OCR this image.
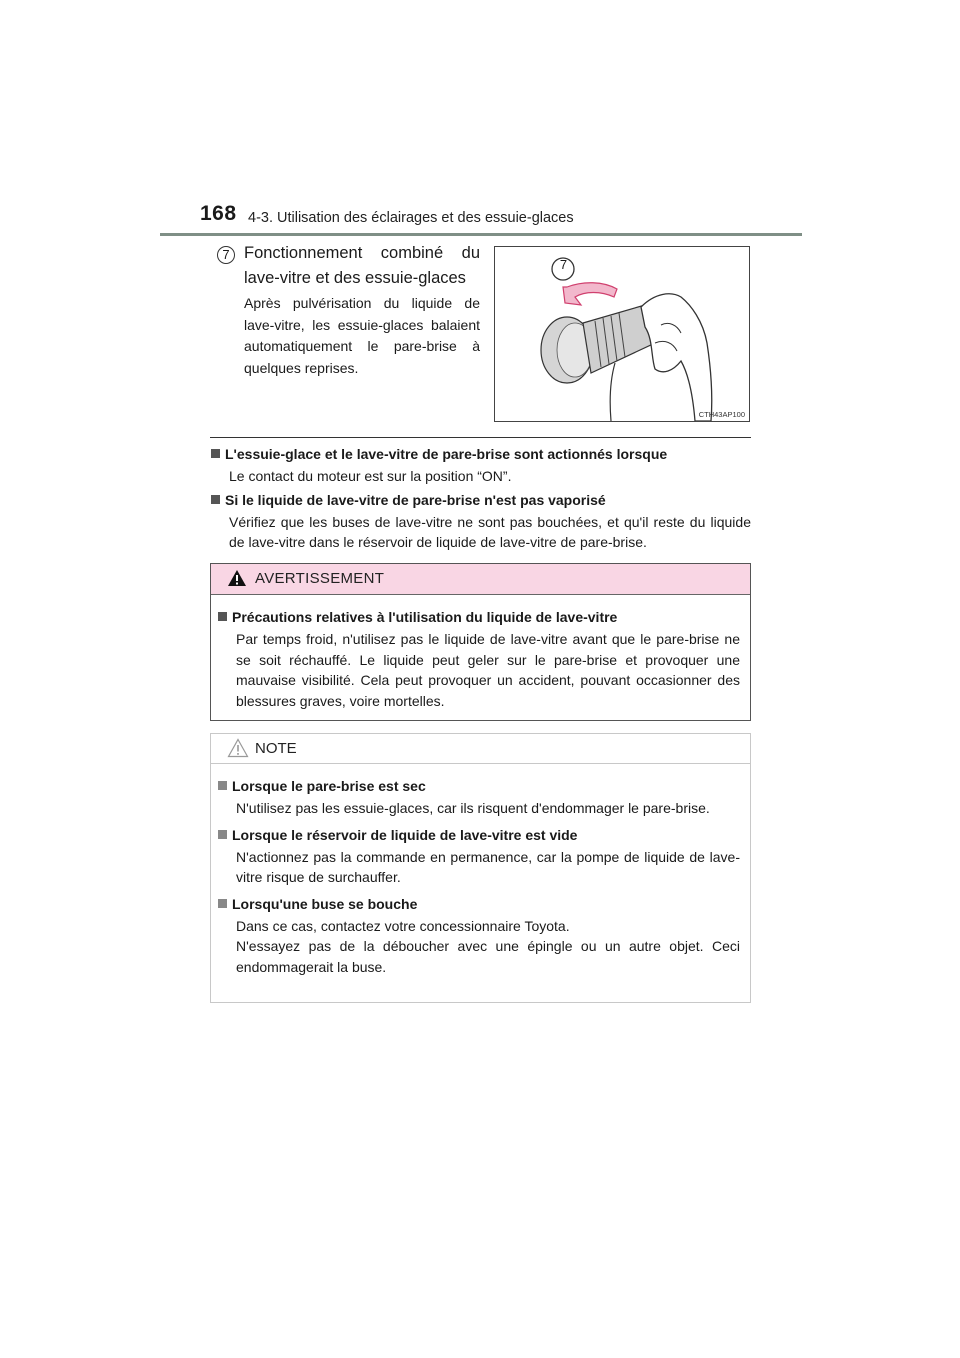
168 4-3. Utilisation des éclairages et des essuie-glaces
7 Fonctionnement combiné du lave-vitre et des essuie-glaces
Après pulvérisation du liquide de lave-vitre, les essuie-glaces balaient automatiquement le pare-brise à quelques reprises.
7
CTH43AP100
L'essuie-glace et le lave-vitre de pare-brise sont actionnés lorsque
Le contact du moteur est sur la position “ON”.
Si le liquide de lave-vitre de pare-brise n'est pas vaporisé
Vérifiez que les buses de lave-vitre ne sont pas bouchées, et qu'il reste du liquide de lave-vitre dans le réservoir de liquide de lave-vitre de pare-brise.
AVERTISSEMENT
Précautions relatives à l'utilisation du liquide de lave-vitre
Par temps froid, n'utilisez pas le liquide de lave-vitre avant que le pare-brise ne se soit réchauffé. Le liquide peut geler sur le pare-brise et provoquer une mauvaise visibilité. Cela peut provoquer un accident, pouvant occasionner des blessures graves, voire mortelles.
NOTE
Lorsque le pare-brise est sec
N'utilisez pas les essuie-glaces, car ils risquent d'endommager le pare-brise.
Lorsque le réservoir de liquide de lave-vitre est vide
N'actionnez pas la commande en permanence, car la pompe de liquide de lave-vitre risque de surchauffer.
Lorsqu'une buse se bouche
Dans ce cas, contactez votre concessionnaire Toyota.
N'essayez pas de la déboucher avec une épingle ou un autre objet. Ceci endommagerait la buse.
